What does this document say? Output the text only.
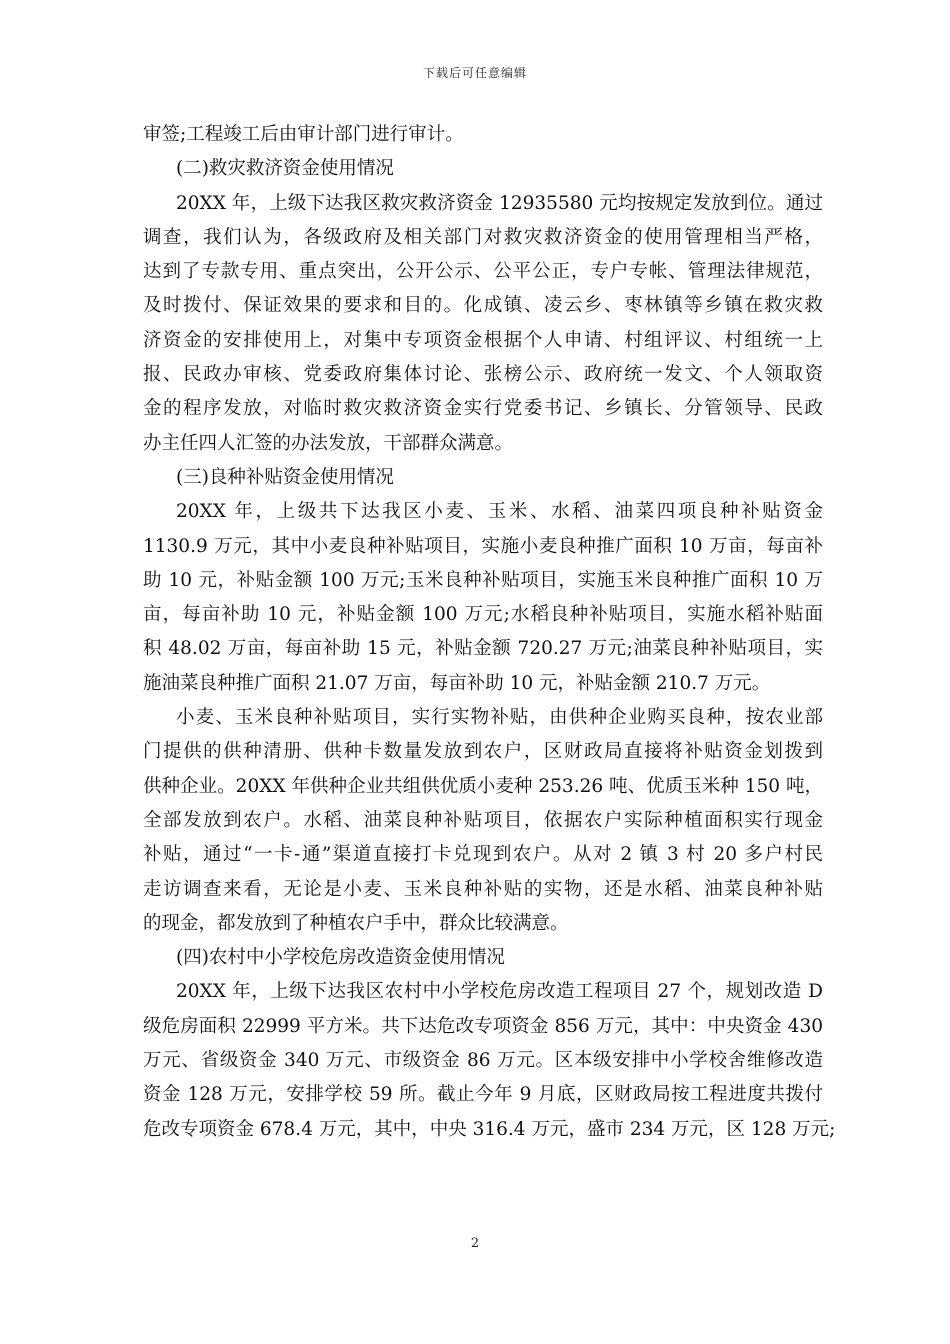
下载后可任意编辑
审签;工程竣工后由审计部门进行审计。
(二)救灾救济资金使用情况
20XX 年，上级下达我区救灾救济资金 12935580 元均按规定发放到位。通过
调查，我们认为，各级政府及相关部门对救灾救济资金的使用管理相当严格，
达到了专款专用、重点突出，公开公示、公平公正，专户专帐、管理法律规范，
及时拨付、保证效果的要求和目的。化成镇、凌云乡、枣林镇等乡镇在救灾救
济资金的安排使用上，对集中专项资金根据个人申请、村组评议、村组统一上
报、民政办审核、党委政府集体讨论、张榜公示、政府统一发文、个人领取资
金的程序发放，对临时救灾救济资金实行党委书记、乡镇长、分管领导、民政
办主任四人汇签的办法发放，干部群众满意。
(三)良种补贴资金使用情况
20XX 年，上级共下达我区小麦、玉米、水稻、油菜四项良种补贴资金
1130.9 万元，其中小麦良种补贴项目，实施小麦良种推广面积 10 万亩，每亩补
助 10 元，补贴金额 100 万元;玉米良种补贴项目，实施玉米良种推广面积 10 万
亩，每亩补助 10 元，补贴金额 100 万元;水稻良种补贴项目，实施水稻补贴面
积 48.02 万亩，每亩补助 15 元，补贴金额 720.27 万元;油菜良种补贴项目，实
施油菜良种推广面积 21.07 万亩，每亩补助 10 元，补贴金额 210.7 万元。
小麦、玉米良种补贴项目，实行实物补贴，由供种企业购买良种，按农业部
门提供的供种清册、供种卡数量发放到农户，区财政局直接将补贴资金划拨到
供种企业。20XX 年供种企业共组供优质小麦种 253.26 吨、优质玉米种 150 吨，
全部发放到农户。水稻、油菜良种补贴项目，依据农户实际种植面积实行现金
补贴，通过“一卡-通”渠道直接打卡兑现到农户。从对 2 镇 3 村 20 多户村民
走访调查来看，无论是小麦、玉米良种补贴的实物，还是水稻、油菜良种补贴
的现金，都发放到了种植农户手中，群众比较满意。
(四)农村中小学校危房改造资金使用情况
20XX 年，上级下达我区农村中小学校危房改造工程项目 27 个，规划改造 D
级危房面积 22999 平方米。共下达危改专项资金 856 万元，其中：中央资金 430
万元、省级资金 340 万元、市级资金 86 万元。区本级安排中小学校舍维修改造
资金 128 万元，安排学校 59 所。截止今年 9 月底，区财政局按工程进度共拨付
危改专项资金 678.4 万元，其中，中央 316.4 万元，盛市 234 万元，区 128 万元;
2
